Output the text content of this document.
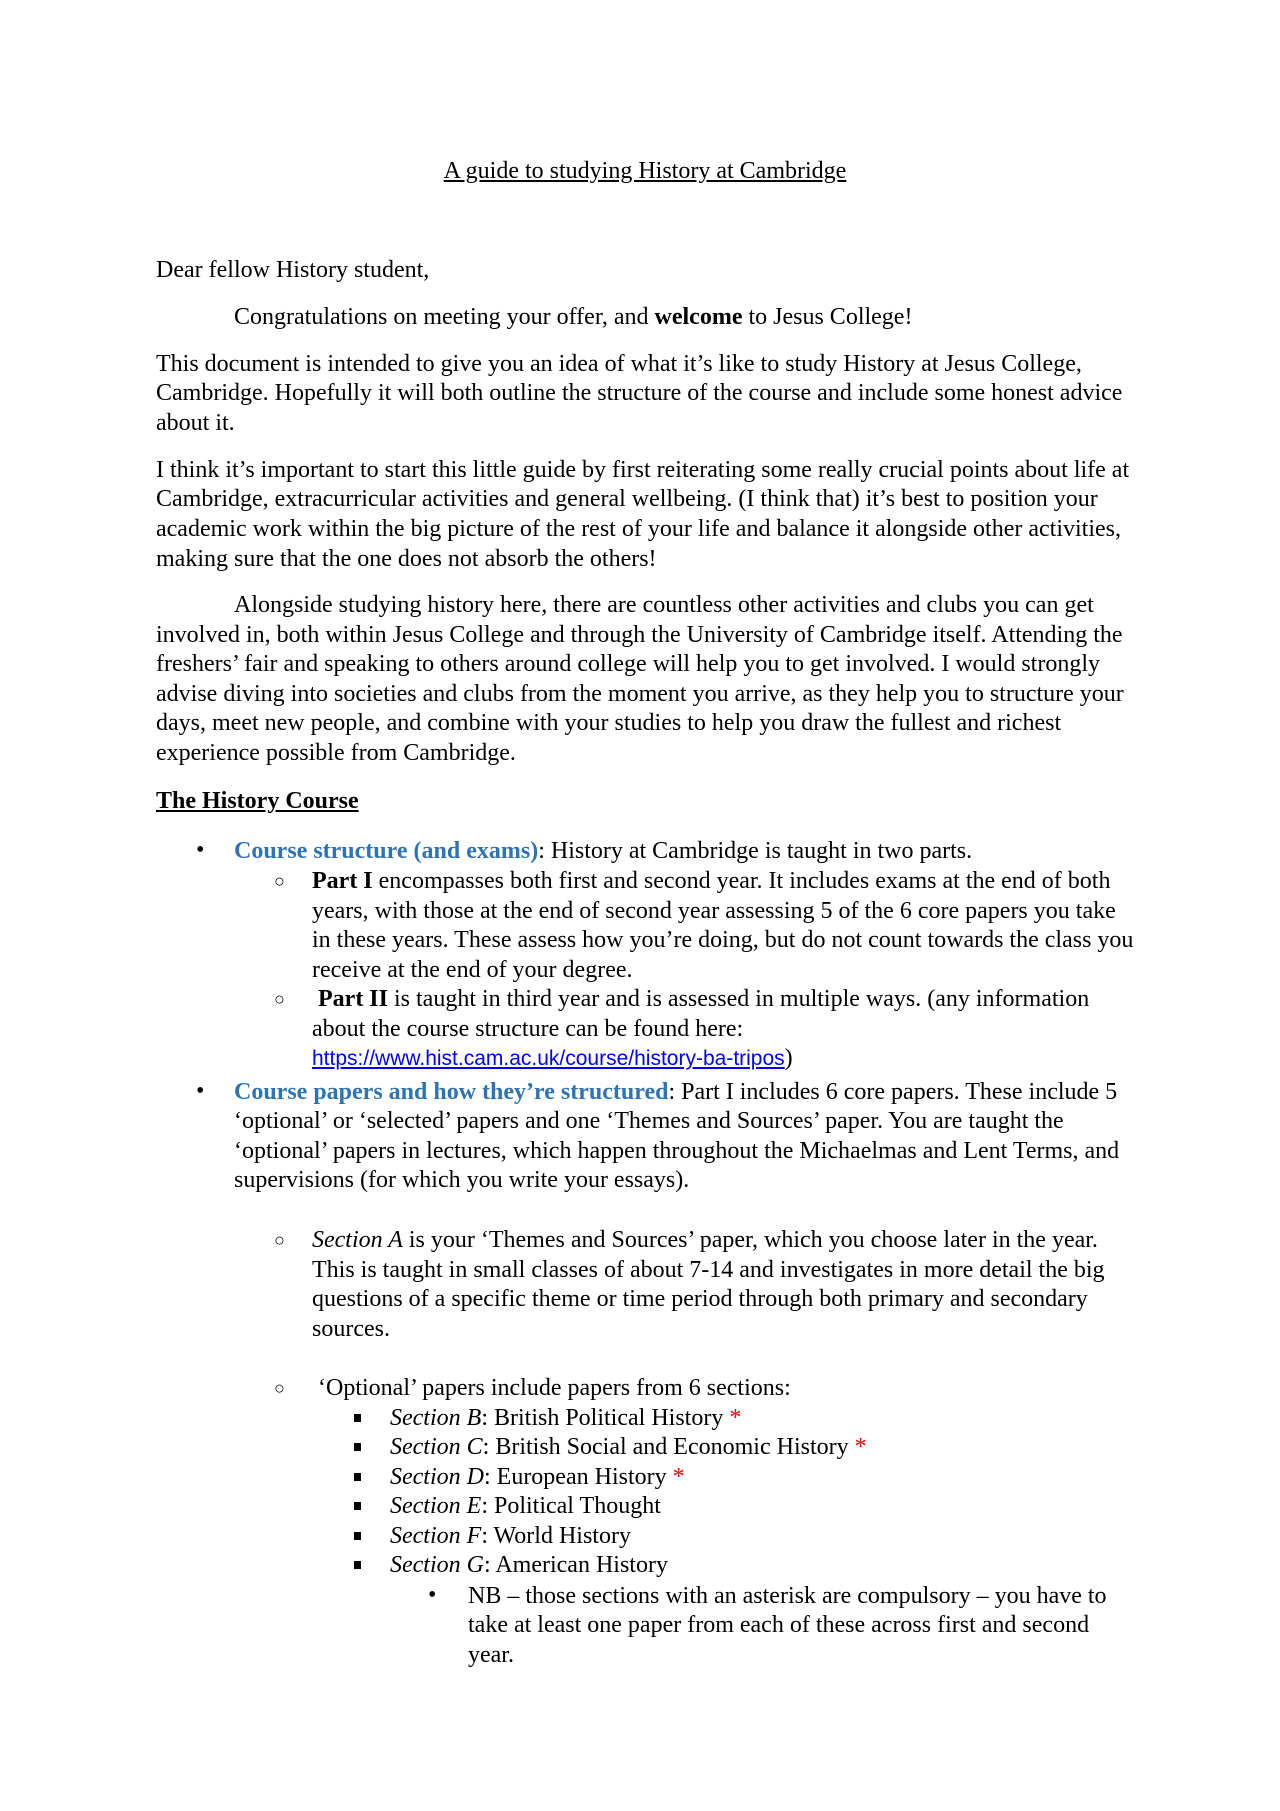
A guide to studying History at Cambridge
Dear fellow History student,
Congratulations on meeting your offer, and welcome to Jesus College!
This document is intended to give you an idea of what it’s like to study History at Jesus College,
Cambridge. Hopefully it will both outline the structure of the course and include some honest advice
about it.
I think it’s important to start this little guide by first reiterating some really crucial points about life at
Cambridge, extracurricular activities and general wellbeing. (I think that) it’s best to position your
academic work within the big picture of the rest of your life and balance it alongside other activities,
making sure that the one does not absorb the others!
Alongside studying history here, there are countless other activities and clubs you can get
involved in, both within Jesus College and through the University of Cambridge itself. Attending the
freshers’ fair and speaking to others around college will help you to get involved. I would strongly
advise diving into societies and clubs from the moment you arrive, as they help you to structure your
days, meet new people, and combine with your studies to help you draw the fullest and richest
experience possible from Cambridge.
The History Course
• Course structure (and exams): History at Cambridge is taught in two parts.
○ Part I encompasses both first and second year. It includes exams at the end of both
years, with those at the end of second year assessing 5 of the 6 core papers you take
in these years. These assess how you’re doing, but do not count towards the class you
receive at the end of your degree.
○ Part II is taught in third year and is assessed in multiple ways. (any information
about the course structure can be found here:
https://www.hist.cam.ac.uk/course/history-ba-tripos)
• Course papers and how they’re structured: Part I includes 6 core papers. These include 5
‘optional’ or ‘selected’ papers and one ‘Themes and Sources’ paper. You are taught the
‘optional’ papers in lectures, which happen throughout the Michaelmas and Lent Terms, and
supervisions (for which you write your essays).
○ Section A is your ‘Themes and Sources’ paper, which you choose later in the year.
This is taught in small classes of about 7-14 and investigates in more detail the big
questions of a specific theme or time period through both primary and secondary
sources.
○ ‘Optional’ papers include papers from 6 sections:
Section B: British Political History *
Section C: British Social and Economic History *
Section D: European History *
Section E: Political Thought
Section F: World History
Section G: American History
• NB – those sections with an asterisk are compulsory – you have to
take at least one paper from each of these across first and second
year.
